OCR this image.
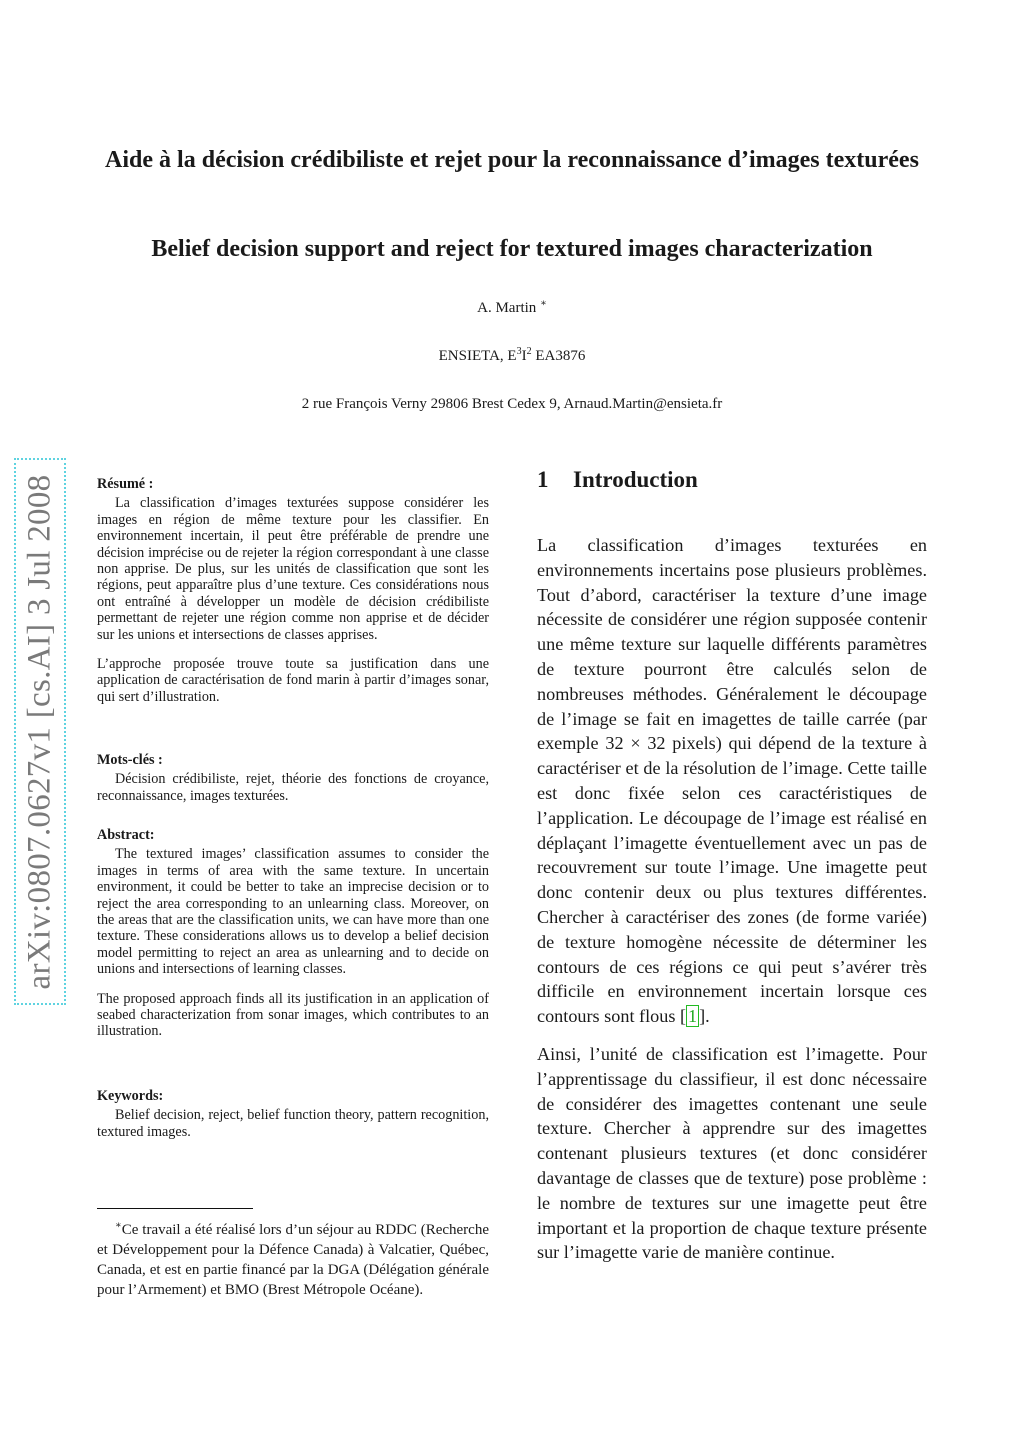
Aide à la décision crédibiliste et rejet pour la reconnaissance d’images texturées
Belief decision support and reject for textured images characterization
A. Martin ∗
ENSIETA, $E^3I^2$ EA3876
2 rue François Verny 29806 Brest Cedex 9, Arnaud.Martin@ensieta.fr
arXiv:0807.0627v1 [cs.AI] 3 Jul 2008	Résumé :

La classification d’images texturées suppose considérer les images en région de même texture pour les classifier. En environnement incertain, il peut être préférable de prendre une décision imprécise ou de rejeter la région correspondant à une classe non apprise. De plus, sur les unités de classification que sont les régions, peut apparaître plus d’une texture. Ces considérations nous ont entraîné à développer un modèle de décision crédibiliste permettant de rejeter une région comme non apprise et de décider sur les unions et intersections de classes apprises.

L’approche proposée trouve toute sa justification dans une application de caractérisation de fond marin à partir d’images sonar, qui sert d’illustration.

Mots-clés :

Décision crédibiliste, rejet, théorie des fonctions de croyance, reconnaissance, images texturées.

Abstract:

The textured images’ classification assumes to consider the images in terms of area with the same texture. In uncertain environment, it could be better to take an imprecise decision or to reject the area corresponding to an unlearning class. Moreover, on the areas that are the classification units, we can have more than one texture. These considerations allows us to develop a belief decision model permitting to reject an area as unlearning and to decide on unions and intersections of learning classes.

The proposed approach finds all its justification in an application of seabed characterization from sonar images, which contributes to an illustration.

Keywords:

Belief decision, reject, belief function theory, pattern recognition, textured images.

∗Ce travail a été réalisé lors d’un séjour au RDDC (Recherche et Développement pour la Défence Canada) à Valcatier, Québec, Canada, et est en partie financé par la DGA (Délégation générale pour l’Armement) et BMO (Brest Métropole Océane).

1 Introduction

La classification d’images texturées en environnements incertains pose plusieurs problèmes. Tout d’abord, caractériser la texture d’une image nécessite de considérer une région supposée contenir une même texture sur laquelle différents paramètres de texture pourront être calculés selon de nombreuses méthodes. Généralement le découpage de l’image se fait en imagettes de taille carrée (par exemple 32 × 32 pixels) qui dépend de la texture à caractériser et de la résolution de l’image. Cette taille est donc fixée selon ces caractéristiques de l’application. Le découpage de l’image est réalisé en déplaçant l’imagette éventuellement avec un pas de recouvrement sur toute l’image. Une imagette peut donc contenir deux ou plus textures différentes. Chercher à caractériser des zones (de forme variée) de texture homogène nécessite de déterminer les contours de ces régions ce qui peut s’avérer très difficile en environnement incertain lorsque ces contours sont flous [ 1 ].

Ainsi, l’unité de classification est l’imagette. Pour l’apprentissage du classifieur, il est donc nécessaire de considérer des imagettes contenant une seule texture. Chercher à apprendre sur des imagettes contenant plusieurs textures (et donc considérer davantage de classes que de texture) pose problème : le nombre de textures sur une imagette peut être important et la proportion de chaque texture présente sur l’imagette varie de manière continue.
